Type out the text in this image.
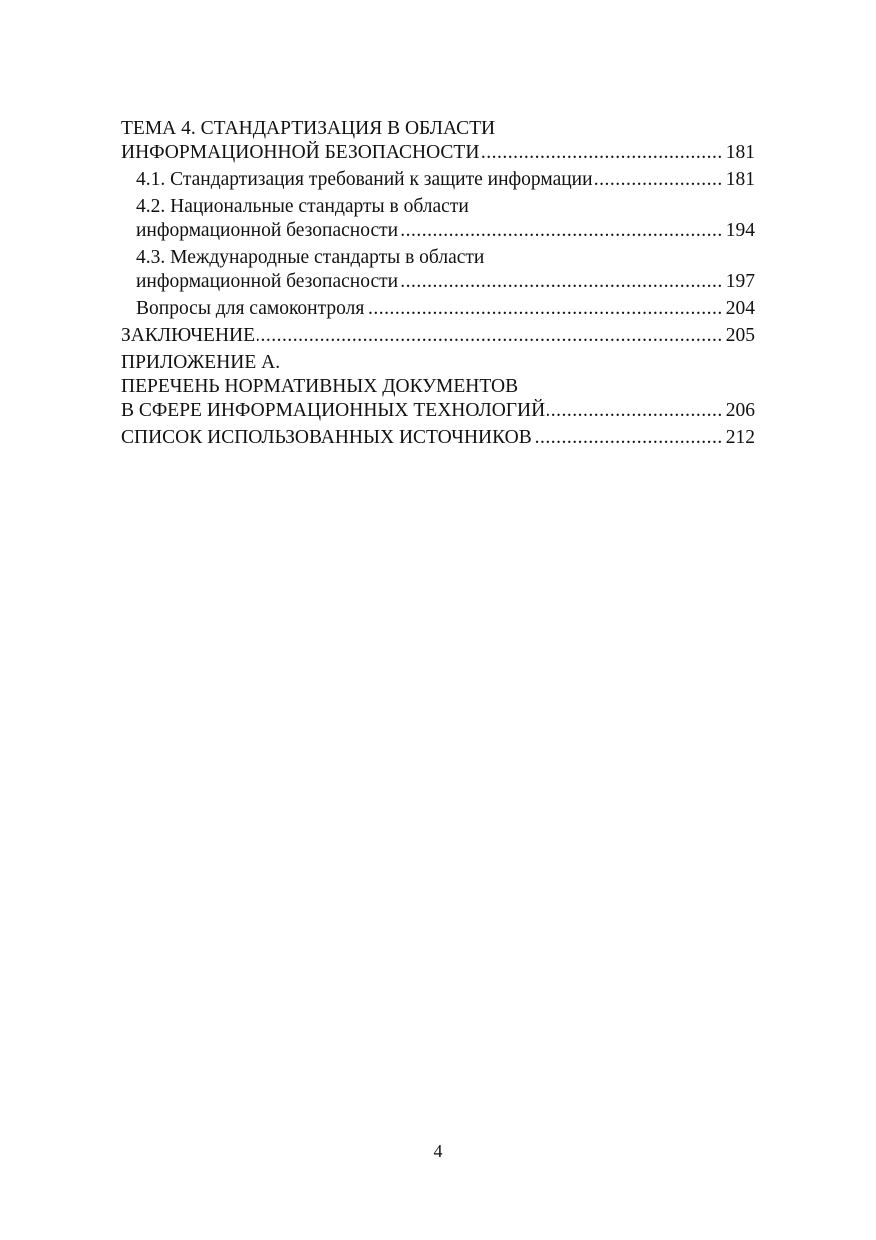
ТЕМА 4. СТАНДАРТИЗАЦИЯ В ОБЛАСТИ
ИНФОРМАЦИОННОЙ БЕЗОПАСНОСТИ .....	181
4.1. Стандартизация требований к защите информации .....	181
4.2. Национальные стандарты в области
информационной безопасности .....	194
4.3. Международные стандарты в области
информационной безопасности .....	197
Вопросы для самоконтроля .....	204
ЗАКЛЮЧЕНИЕ .....	205
ПРИЛОЖЕНИЕ А.
ПЕРЕЧЕНЬ НОРМАТИВНЫХ ДОКУМЕНТОВ
В СФЕРЕ ИНФОРМАЦИОННЫХ ТЕХНОЛОГИЙ .....	206
СПИСОК ИСПОЛЬЗОВАННЫХ ИСТОЧНИКОВ .....	212
4
